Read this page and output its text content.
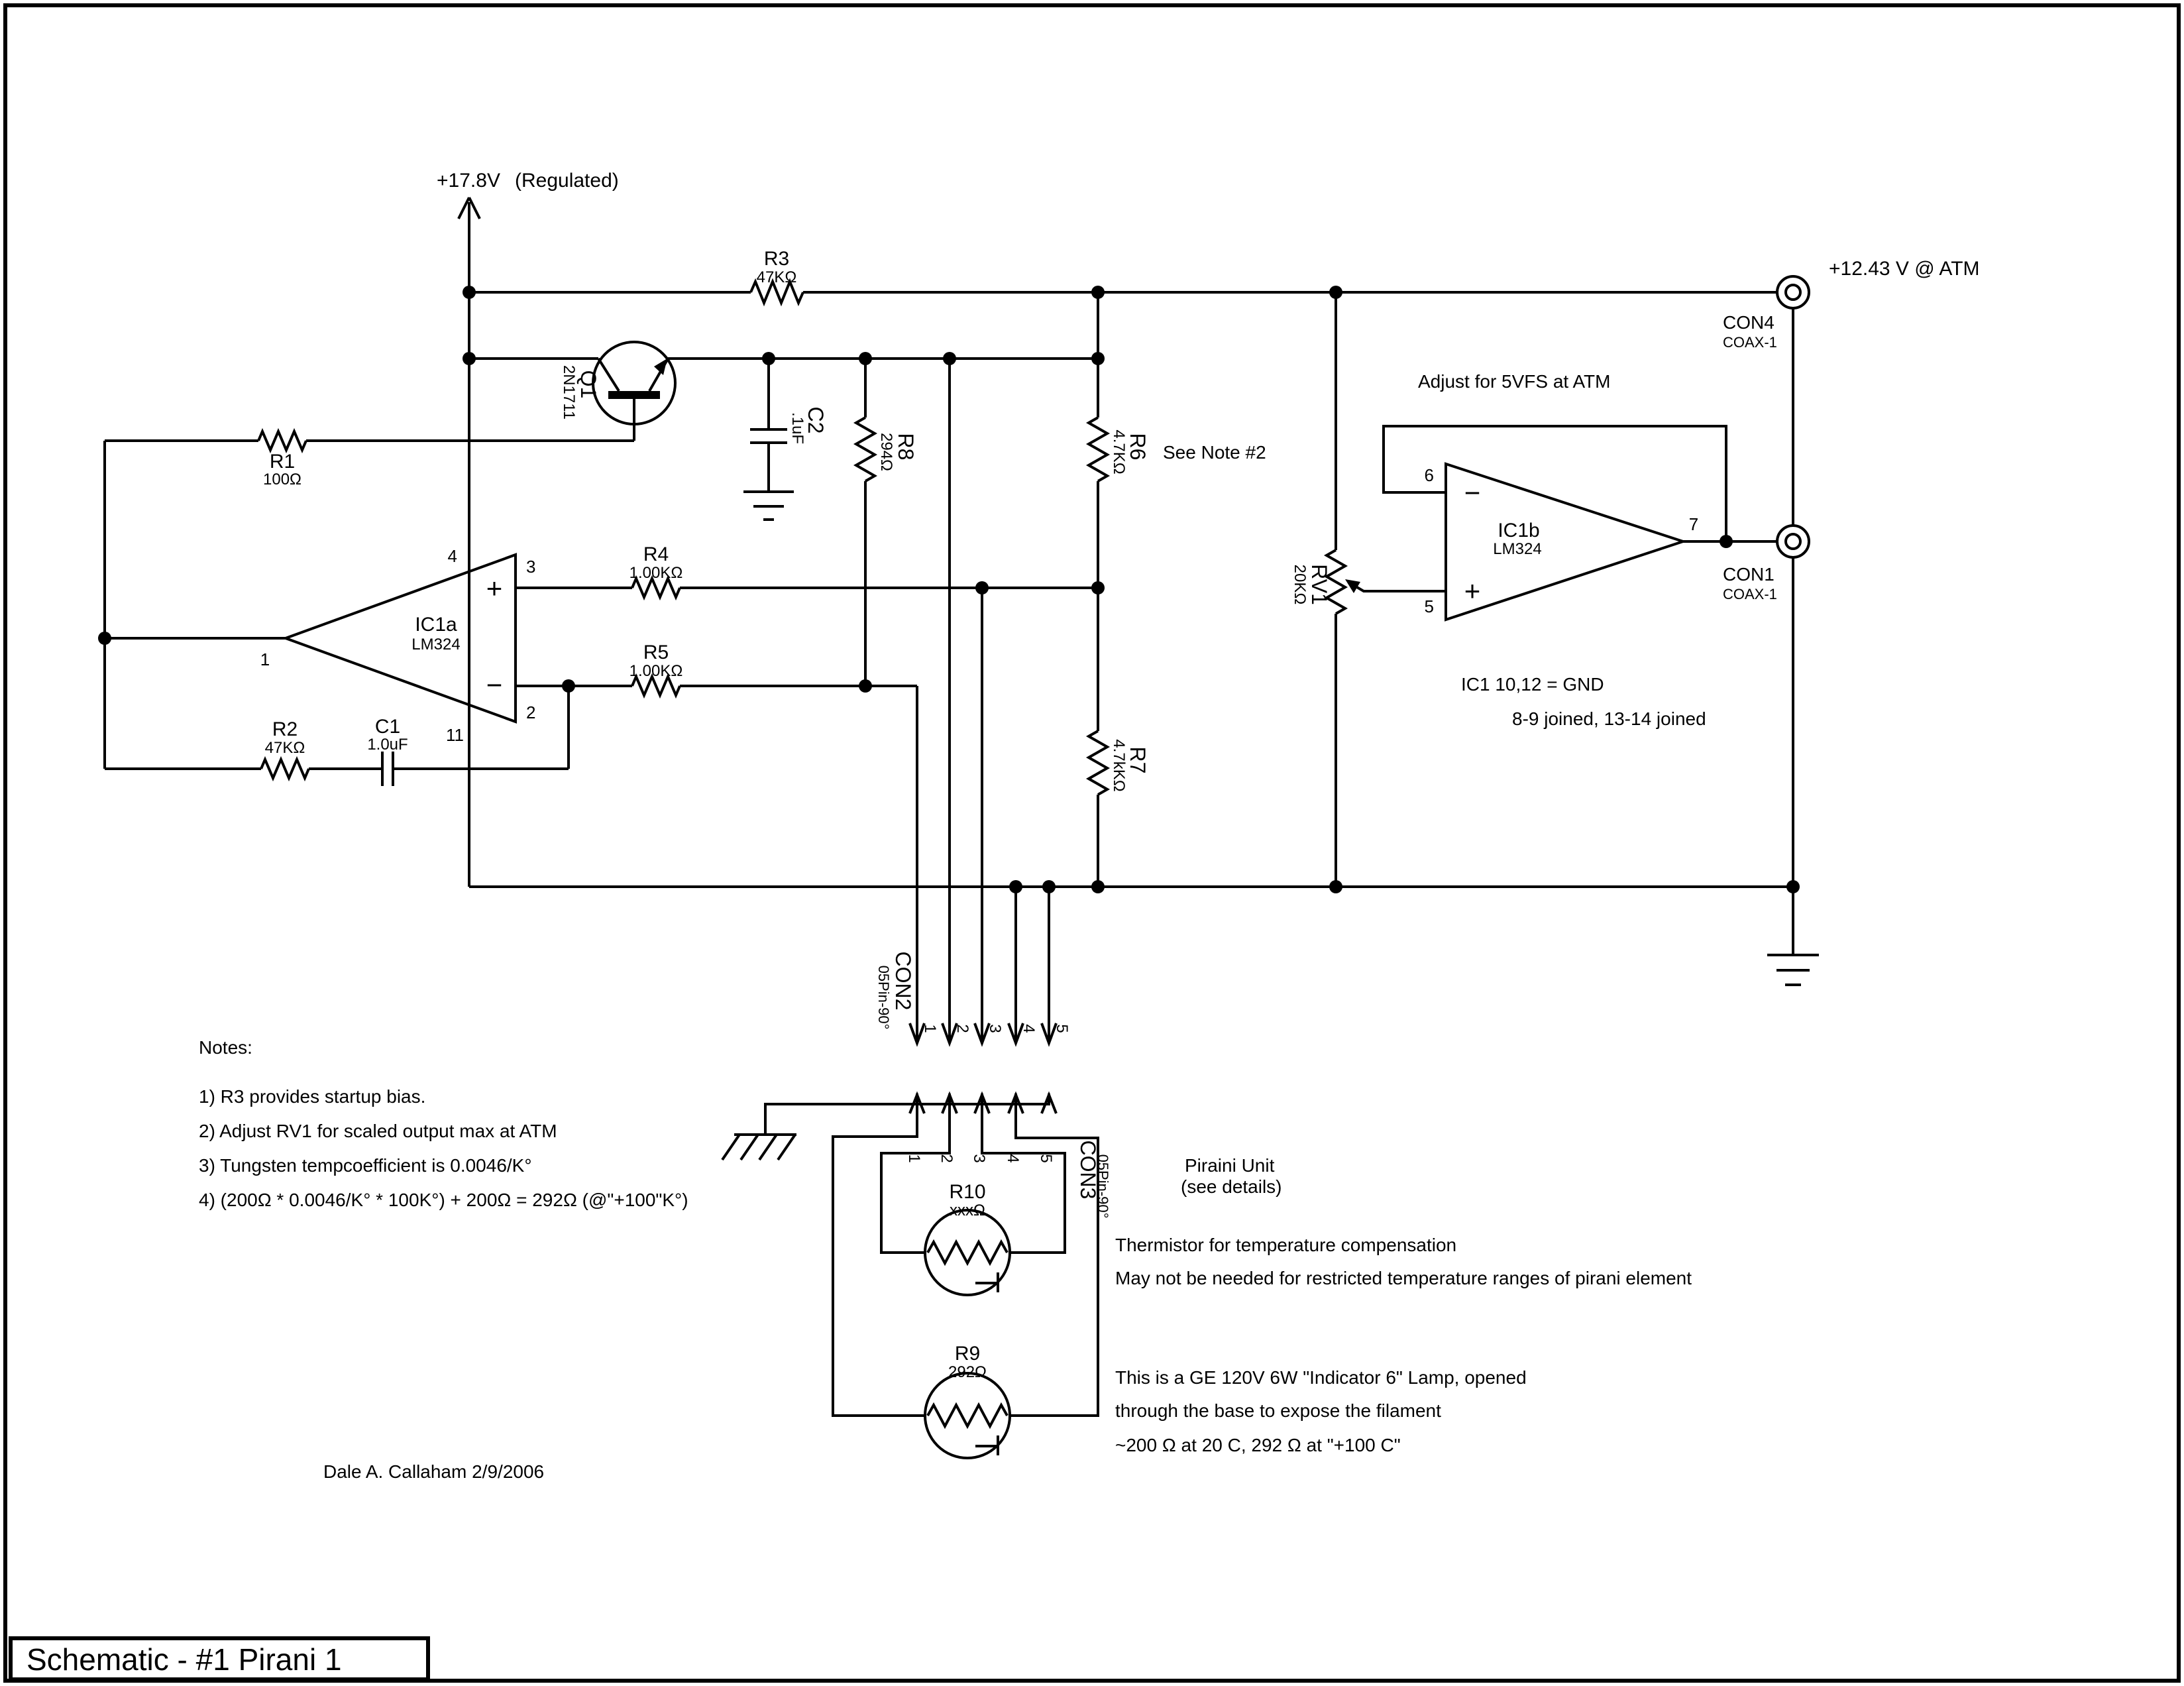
Schematic - #1 Pirani 1
+17.8V (Regulated)
R3
47KΩ
R1
100Ω
Q1
2N1711
C2
.1uF
R8
294Ω	R6
4.7KΩ
R7
4.7kKΩ
RV1
20KΩ
R4
1.00KΩ
R5
1.00KΩ
R2
47KΩ
C1
1.0uF
IC1a
LM324
+
−
4
3
1
2
11
IC1b
LM324
−
+
6
5
7
Adjust for 5VFS at ATM
See Note #2
IC1 10,12 = GND
8-9 joined, 13-14 joined
CON4
COAX-1
+12.43 V @ ATM
CON1
COAX-1
CON2
05Pin-90° 1 2 3 4 5
CON3
05Pin-90°
1 2 3 4 5
R10
xxxΩ
R9
292Ω
Piraini Unit
(see details)
Thermistor for temperature compensation
May not be needed for restricted temperature ranges of pirani element
This is a GE 120V 6W "Indicator 6" Lamp, opened
through the base to expose the filament
~200 Ω at 20 C, 292 Ω at "+100 C"
Notes:
1) R3 provides startup bias.
2) Adjust RV1 for scaled output max at ATM
3) Tungsten tempcoefficient is 0.0046/K°
4) (200Ω * 0.0046/K° * 100K°) + 200Ω = 292Ω (@"+100"K°)
Dale A. Callaham 2/9/2006
